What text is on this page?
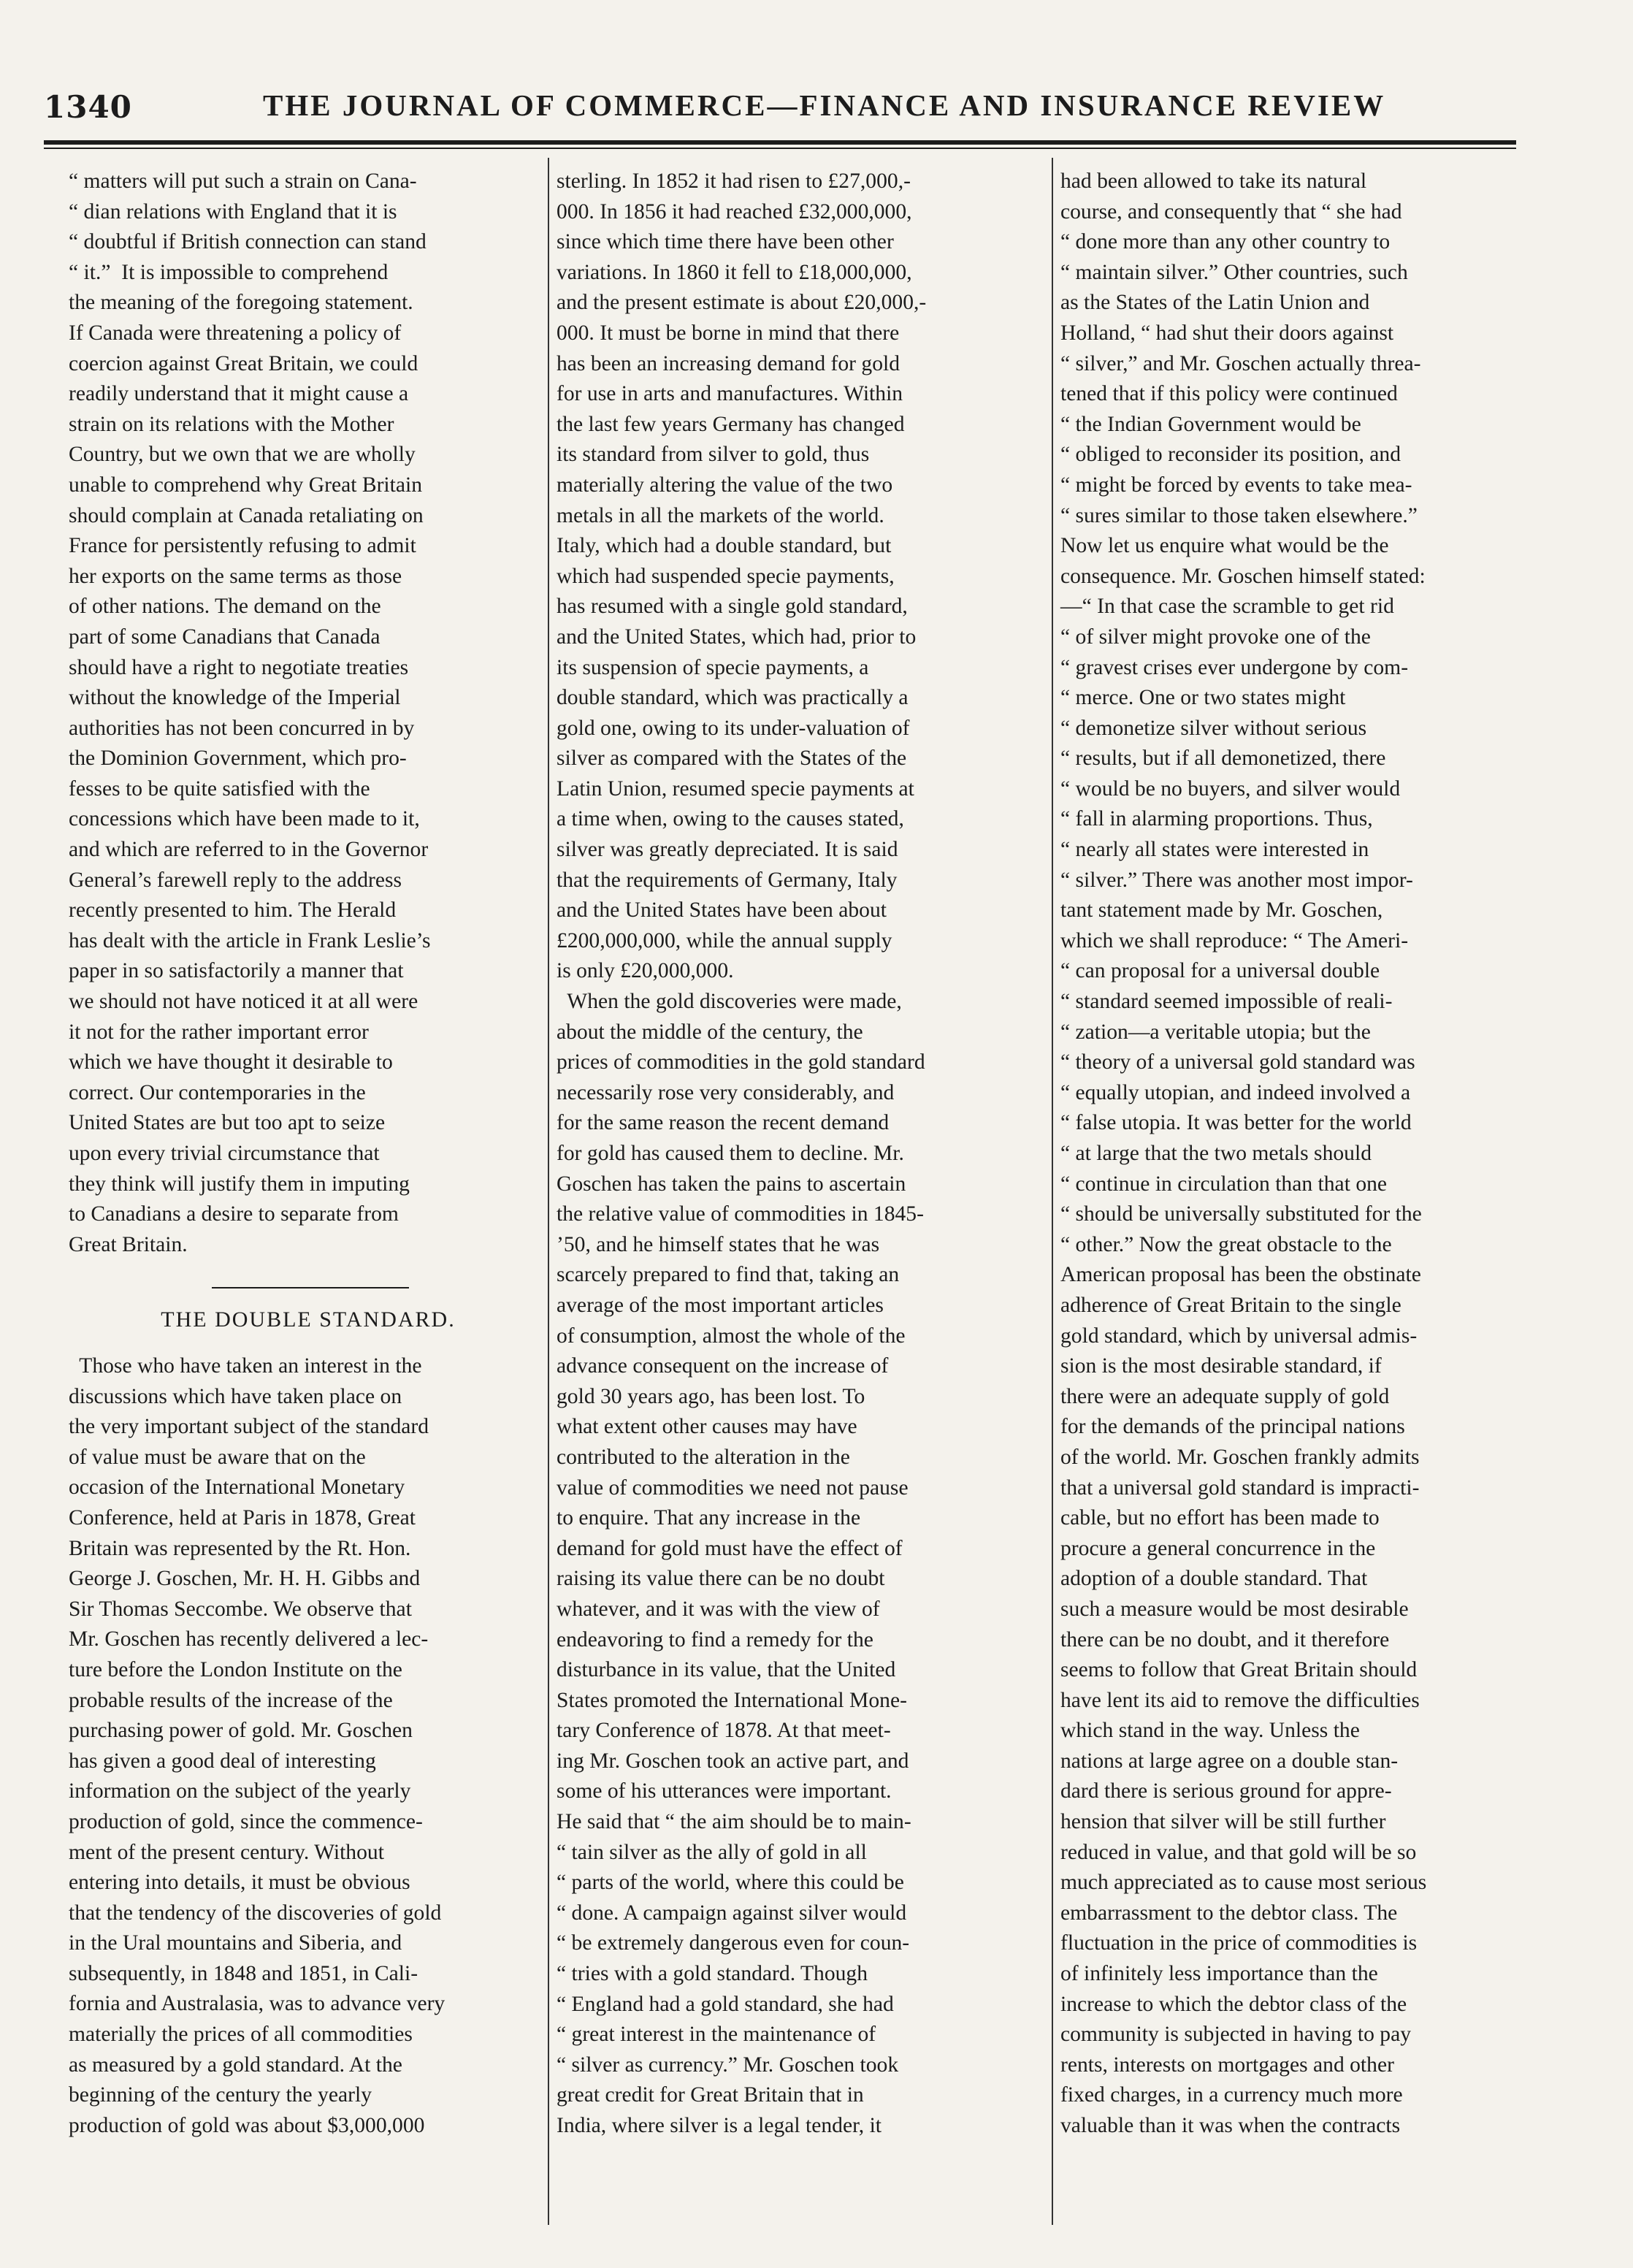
1340	THE JOURNAL OF COMMERCE—FINANCE AND INSURANCE REVIEW

“ matters will put such a strain on Cana-

“ dian relations with England that it is

“ doubtful if British connection can stand

“ it.”  It is impossible to comprehend

the meaning of the foregoing statement.

If Canada were threatening a policy of

coercion against Great Britain, we could

readily understand that it might cause a

strain on its relations with the Mother

Country, but we own that we are wholly

unable to comprehend why Great Britain

should complain at Canada retaliating on

France for persistently refusing to admit

her exports on the same terms as those

of other nations. The demand on the

part of some Canadians that Canada

should have a right to negotiate treaties

without the knowledge of the Imperial

authorities has not been concurred in by

the Dominion Government, which pro-

fesses to be quite satisfied with the

concessions which have been made to it,

and which are referred to in the Governor

General’s farewell reply to the address

recently presented to him. The Herald

has dealt with the article in Frank Leslie’s

paper in so satisfactorily a manner that

we should not have noticed it at all were

it not for the rather important error

which we have thought it desirable to

correct. Our contemporaries in the

United States are but too apt to seize

upon every trivial circumstance that

they think will justify them in imputing

to Canadians a desire to separate from

Great Britain.

THE DOUBLE STANDARD.

Those who have taken an interest in the

discussions which have taken place on

the very important subject of the standard

of value must be aware that on the

occasion of the International Monetary

Conference, held at Paris in 1878, Great

Britain was represented by the Rt. Hon.

George J. Goschen, Mr. H. H. Gibbs and

Sir Thomas Seccombe. We observe that

Mr. Goschen has recently delivered a lec-

ture before the London Institute on the

probable results of the increase of the

purchasing power of gold. Mr. Goschen

has given a good deal of interesting

information on the subject of the yearly

production of gold, since the commence-

ment of the present century. Without

entering into details, it must be obvious

that the tendency of the discoveries of gold

in the Ural mountains and Siberia, and

subsequently, in 1848 and 1851, in Cali-

fornia and Australasia, was to advance very

materially the prices of all commodities

as measured by a gold standard. At the

beginning of the century the yearly

production of gold was about $3,000,000

sterling. In 1852 it had risen to £27,000,-

000. In 1856 it had reached £32,000,000,

since which time there have been other

variations. In 1860 it fell to £18,000,000,

and the present estimate is about £20,000,-

000. It must be borne in mind that there

has been an increasing demand for gold

for use in arts and manufactures. Within

the last few years Germany has changed

its standard from silver to gold, thus

materially altering the value of the two

metals in all the markets of the world.

Italy, which had a double standard, but

which had suspended specie payments,

has resumed with a single gold standard,

and the United States, which had, prior to

its suspension of specie payments, a

double standard, which was practically a

gold one, owing to its under-valuation of

silver as compared with the States of the

Latin Union, resumed specie payments at

a time when, owing to the causes stated,

silver was greatly depreciated. It is said

that the requirements of Germany, Italy

and the United States have been about

£200,000,000, while the annual supply

is only £20,000,000.

When the gold discoveries were made,

about the middle of the century, the

prices of commodities in the gold standard

necessarily rose very considerably, and

for the same reason the recent demand

for gold has caused them to decline. Mr.

Goschen has taken the pains to ascertain

the relative value of commodities in 1845-

’50, and he himself states that he was

scarcely prepared to find that, taking an

average of the most important articles

of consumption, almost the whole of the

advance consequent on the increase of

gold 30 years ago, has been lost. To

what extent other causes may have

contributed to the alteration in the

value of commodities we need not pause

to enquire. That any increase in the

demand for gold must have the effect of

raising its value there can be no doubt

whatever, and it was with the view of

endeavoring to find a remedy for the

disturbance in its value, that the United

States promoted the International Mone-

tary Conference of 1878. At that meet-

ing Mr. Goschen took an active part, and

some of his utterances were important.

He said that “ the aim should be to main-

“ tain silver as the ally of gold in all

“ parts of the world, where this could be

“ done. A campaign against silver would

“ be extremely dangerous even for coun-

“ tries with a gold standard. Though

“ England had a gold standard, she had

“ great interest in the maintenance of

“ silver as currency.” Mr. Goschen took

great credit for Great Britain that in

India, where silver is a legal tender, it

had been allowed to take its natural

course, and consequently that “ she had

“ done more than any other country to

“ maintain silver.” Other countries, such

as the States of the Latin Union and

Holland, “ had shut their doors against

“ silver,” and Mr. Goschen actually threa-

tened that if this policy were continued

“ the Indian Government would be

“ obliged to reconsider its position, and

“ might be forced by events to take mea-

“ sures similar to those taken elsewhere.”

Now let us enquire what would be the

consequence. Mr. Goschen himself stated:

—“ In that case the scramble to get rid

“ of silver might provoke one of the

“ gravest crises ever undergone by com-

“ merce. One or two states might

“ demonetize silver without serious

“ results, but if all demonetized, there

“ would be no buyers, and silver would

“ fall in alarming proportions. Thus,

“ nearly all states were interested in

“ silver.” There was another most impor-

tant statement made by Mr. Goschen,

which we shall reproduce: “ The Ameri-

“ can proposal for a universal double

“ standard seemed impossible of reali-

“ zation—a veritable utopia; but the

“ theory of a universal gold standard was

“ equally utopian, and indeed involved a

“ false utopia. It was better for the world

“ at large that the two metals should

“ continue in circulation than that one

“ should be universally substituted for the

“ other.” Now the great obstacle to the

American proposal has been the obstinate

adherence of Great Britain to the single

gold standard, which by universal admis-

sion is the most desirable standard, if

there were an adequate supply of gold

for the demands of the principal nations

of the world. Mr. Goschen frankly admits

that a universal gold standard is impracti-

cable, but no effort has been made to

procure a general concurrence in the

adoption of a double standard. That

such a measure would be most desirable

there can be no doubt, and it therefore

seems to follow that Great Britain should

have lent its aid to remove the difficulties

which stand in the way. Unless the

nations at large agree on a double stan-

dard there is serious ground for appre-

hension that silver will be still further

reduced in value, and that gold will be so

much appreciated as to cause most serious

embarrassment to the debtor class. The

fluctuation in the price of commodities is

of infinitely less importance than the

increase to which the debtor class of the

community is subjected in having to pay

rents, interests on mortgages and other

fixed charges, in a currency much more

valuable than it was when the contracts
